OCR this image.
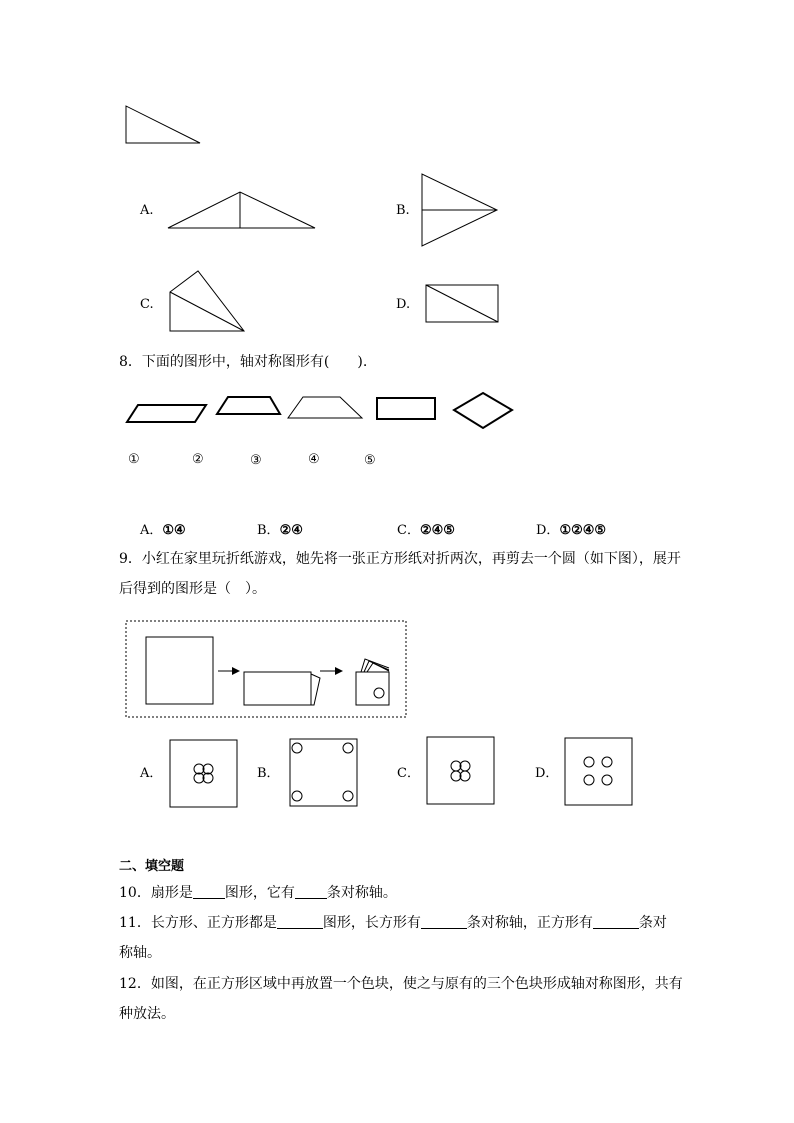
A.	B.
C.	D.
8．下面的图形中，轴对称图形有(　　).
①	②	③	④	⑤
A．①④	B．②④	C．②④⑤	D．①②④⑤
9．小红在家里玩折纸游戏，她先将一张正方形纸对折两次，再剪去一个圆（如下图），展开
后得到的图形是（　）。
A．	B．	C．	D．
二、填空题
10．扇形是 图形，它有 条对称轴。
11．长方形、正方形都是	图形，长方形有	条对称轴，正方形有	条对
称轴。
12．如图，在正方形区域中再放置一个色块，使之与原有的三个色块形成轴对称图形，共有
种放法。
